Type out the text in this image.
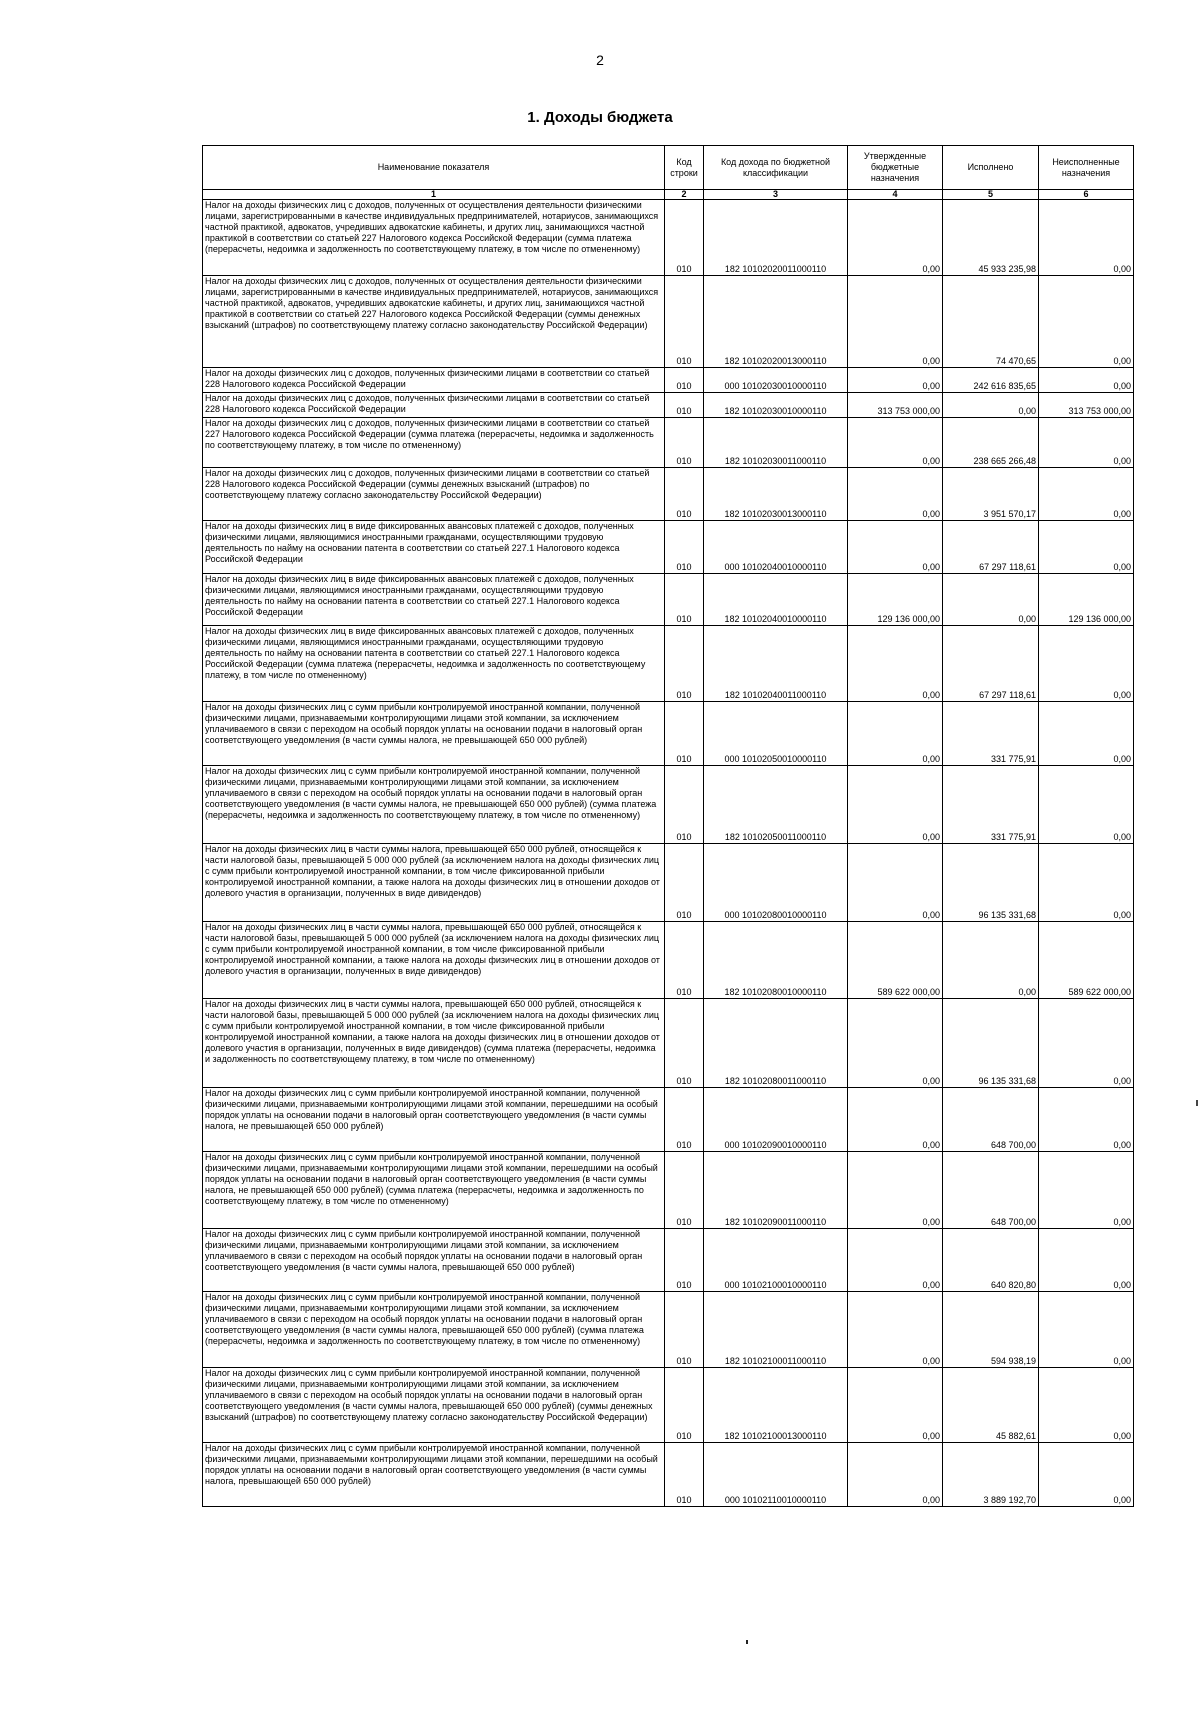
2
1. Доходы бюджета
Наименование показателя	Код строки	Код дохода по бюджетной классификации	Утвержденные бюджетные назначения	Исполнено	Неисполненные назначения
1	2	3	4	5	6
Налог на доходы физических лиц с доходов, полученных от осуществления деятельности физическими лицами, зарегистрированными в качестве индивидуальных предпринимателей, нотариусов, занимающихся частной практикой, адвокатов, учредивших адвокатские кабинеты, и других лиц, занимающихся частной практикой в соответствии со статьей 227 Налогового кодекса Российской Федерации (сумма платежа (перерасчеты, недоимка и задолженность по соответствующему платежу, в том числе по отмененному)	010	182 10102020011000110	0,00	45 933 235,98	0,00
Налог на доходы физических лиц с доходов, полученных от осуществления деятельности физическими лицами, зарегистрированными в качестве индивидуальных предпринимателей, нотариусов, занимающихся частной практикой, адвокатов, учредивших адвокатские кабинеты, и других лиц, занимающихся частной практикой в соответствии со статьей 227 Налогового кодекса Российской Федерации (суммы денежных взысканий (штрафов) по соответствующему платежу согласно законодательству Российской Федерации)	010	182 10102020013000110	0,00	74 470,65	0,00
Налог на доходы физических лиц с доходов, полученных физическими лицами в соответствии со статьей 228 Налогового кодекса Российской Федерации	010	000 10102030010000110	0,00	242 616 835,65	0,00
Налог на доходы физических лиц с доходов, полученных физическими лицами в соответствии со статьей 228 Налогового кодекса Российской Федерации	010	182 10102030010000110	313 753 000,00	0,00	313 753 000,00
Налог на доходы физических лиц с доходов, полученных физическими лицами в соответствии со статьей 227 Налогового кодекса Российской Федерации (сумма платежа (перерасчеты, недоимка и задолженность по соответствующему платежу, в том числе по отмененному)	010	182 10102030011000110	0,00	238 665 266,48	0,00
Налог на доходы физических лиц с доходов, полученных физическими лицами в соответствии со статьей 228 Налогового кодекса Российской Федерации (суммы денежных взысканий (штрафов) по соответствующему платежу согласно законодательству Российской Федерации)	010	182 10102030013000110	0,00	3 951 570,17	0,00
Налог на доходы физических лиц в виде фиксированных авансовых платежей с доходов, полученных физическими лицами, являющимися иностранными гражданами, осуществляющими трудовую деятельность по найму на основании патента в соответствии со статьей 227.1 Налогового кодекса Российской Федерации	010	000 10102040010000110	0,00	67 297 118,61	0,00
Налог на доходы физических лиц в виде фиксированных авансовых платежей с доходов, полученных физическими лицами, являющимися иностранными гражданами, осуществляющими трудовую деятельность по найму на основании патента в соответствии со статьей 227.1 Налогового кодекса Российской Федерации	010	182 10102040010000110	129 136 000,00	0,00	129 136 000,00
Налог на доходы физических лиц в виде фиксированных авансовых платежей с доходов, полученных физическими лицами, являющимися иностранными гражданами, осуществляющими трудовую деятельность по найму на основании патента в соответствии со статьей 227.1 Налогового кодекса Российской Федерации (сумма платежа (перерасчеты, недоимка и задолженность по соответствующему платежу, в том числе по отмененному)	010	182 10102040011000110	0,00	67 297 118,61	0,00
Налог на доходы физических лиц с сумм прибыли контролируемой иностранной компании, полученной физическими лицами, признаваемыми контролирующими лицами этой компании, за исключением уплачиваемого в связи с переходом на особый порядок уплаты на основании подачи в налоговый орган соответствующего уведомления (в части суммы налога, не превышающей 650 000 рублей)	010	000 10102050010000110	0,00	331 775,91	0,00
Налог на доходы физических лиц с сумм прибыли контролируемой иностранной компании, полученной физическими лицами, признаваемыми контролирующими лицами этой компании, за исключением уплачиваемого в связи с переходом на особый порядок уплаты на основании подачи в налоговый орган соответствующего уведомления (в части суммы налога, не превышающей 650 000 рублей) (сумма платежа (перерасчеты, недоимка и задолженность по соответствующему платежу, в том числе по отмененному)	010	182 10102050011000110	0,00	331 775,91	0,00
Налог на доходы физических лиц в части суммы налога, превышающей 650 000 рублей, относящейся к части налоговой базы, превышающей 5 000 000 рублей (за исключением налога на доходы физических лиц с сумм прибыли контролируемой иностранной компании, в том числе фиксированной прибыли контролируемой иностранной компании, а также налога на доходы физических лиц в отношении доходов от долевого участия в организации, полученных в виде дивидендов)	010	000 10102080010000110	0,00	96 135 331,68	0,00
Налог на доходы физических лиц в части суммы налога, превышающей 650 000 рублей, относящейся к части налоговой базы, превышающей 5 000 000 рублей (за исключением налога на доходы физических лиц с сумм прибыли контролируемой иностранной компании, в том числе фиксированной прибыли контролируемой иностранной компании, а также налога на доходы физических лиц в отношении доходов от долевого участия в организации, полученных в виде дивидендов)	010	182 10102080010000110	589 622 000,00	0,00	589 622 000,00
Налог на доходы физических лиц в части суммы налога, превышающей 650 000 рублей, относящейся к части налоговой базы, превышающей 5 000 000 рублей (за исключением налога на доходы физических лиц с сумм прибыли контролируемой иностранной компании, в том числе фиксированной прибыли контролируемой иностранной компании, а также налога на доходы физических лиц в отношении доходов от долевого участия в организации, полученных в виде дивидендов) (сумма платежа (перерасчеты, недоимка и задолженность по соответствующему платежу, в том числе по отмененному)	010	182 10102080011000110	0,00	96 135 331,68	0,00
Налог на доходы физических лиц с сумм прибыли контролируемой иностранной компании, полученной физическими лицами, признаваемыми контролирующими лицами этой компании, перешедшими на особый порядок уплаты на основании подачи в налоговый орган соответствующего уведомления (в части суммы налога, не превышающей 650 000 рублей)	010	000 10102090010000110	0,00	648 700,00	0,00
Налог на доходы физических лиц с сумм прибыли контролируемой иностранной компании, полученной физическими лицами, признаваемыми контролирующими лицами этой компании, перешедшими на особый порядок уплаты на основании подачи в налоговый орган соответствующего уведомления (в части суммы налога, не превышающей 650 000 рублей) (сумма платежа (перерасчеты, недоимка и задолженность по соответствующему платежу, в том числе по отмененному)	010	182 10102090011000110	0,00	648 700,00	0,00
Налог на доходы физических лиц с сумм прибыли контролируемой иностранной компании, полученной физическими лицами, признаваемыми контролирующими лицами этой компании, за исключением уплачиваемого в связи с переходом на особый порядок уплаты на основании подачи в налоговый орган соответствующего уведомления (в части суммы налога, превышающей 650 000 рублей)	010	000 10102100010000110	0,00	640 820,80	0,00
Налог на доходы физических лиц с сумм прибыли контролируемой иностранной компании, полученной физическими лицами, признаваемыми контролирующими лицами этой компании, за исключением уплачиваемого в связи с переходом на особый порядок уплаты на основании подачи в налоговый орган соответствующего уведомления (в части суммы налога, превышающей 650 000 рублей) (сумма платежа (перерасчеты, недоимка и задолженность по соответствующему платежу, в том числе по отмененному)	010	182 10102100011000110	0,00	594 938,19	0,00
Налог на доходы физических лиц с сумм прибыли контролируемой иностранной компании, полученной физическими лицами, признаваемыми контролирующими лицами этой компании, за исключением уплачиваемого в связи с переходом на особый порядок уплаты на основании подачи в налоговый орган соответствующего уведомления (в части суммы налога, превышающей 650 000 рублей) (суммы денежных взысканий (штрафов) по соответствующему платежу согласно законодательству Российской Федерации)	010	182 10102100013000110	0,00	45 882,61	0,00
Налог на доходы физических лиц с сумм прибыли контролируемой иностранной компании, полученной физическими лицами, признаваемыми контролирующими лицами этой компании, перешедшими на особый порядок уплаты на основании подачи в налоговый орган соответствующего уведомления (в части суммы налога, превышающей 650 000 рублей)	010	000 10102110010000110	0,00	3 889 192,70	0,00
